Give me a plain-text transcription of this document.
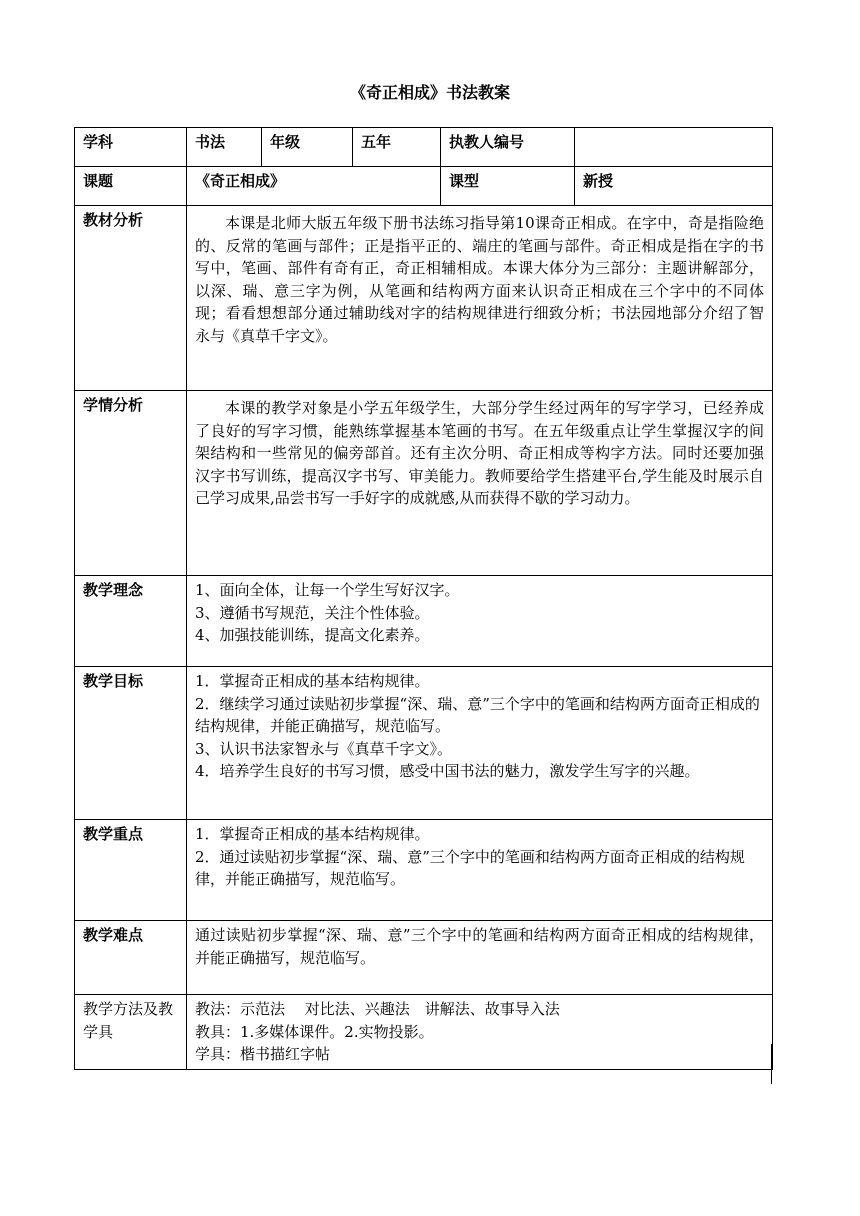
《奇正相成》书法教案
学科	书法	年级	五年	执教人编号	
课题	《奇正相成》			课型	新授
教材分析	本课是北师大版五年级下册书法练习指导第10课奇正相成。在字中，奇是指险绝的、反常的笔画与部件；正是指平正的、端庄的笔画与部件。奇正相成是指在字的书写中，笔画、部件有奇有正，奇正相辅相成。本课大体分为三部分：主题讲解部分，以深、瑞、意三字为例，从笔画和结构两方面来认识奇正相成在三个字中的不同体现；看看想想部分通过辅助线对字的结构规律进行细致分析；书法园地部分介绍了智永与《真草千字文》。				

学情分析	本课的教学对象是小学五年级学生，大部分学生经过两年的写字学习，已经养成了良好的写字习惯，能熟练掌握基本笔画的书写。在五年级重点让学生掌握汉字的间架结构和一些常见的偏旁部首。还有主次分明、奇正相成等构字方法。同时还要加强汉字书写训练，提高汉字书写、审美能力。教师要给学生搭建平台,学生能及时展示自己学习成果,品尝书写一手好字的成就感,从而获得不歇的学习动力。				

教学理念	1、面向全体，让每一个学生写好汉字。

3、遵循书写规范，关注个性体验。

4、加强技能训练，提高文化素养。				

教学目标	1．掌握奇正相成的基本结构规律。

2．继续学习通过读贴初步掌握“深、瑞、意”三个字中的笔画和结构两方面奇正相成的结构规律，并能正确描写，规范临写。

3、认识书法家智永与《真草千字文》。

4．培养学生良好的书写习惯，感受中国书法的魅力，激发学生写字的兴趣。				

教学重点	1．掌握奇正相成的基本结构规律。

2．通过读贴初步掌握“深、瑞、意”三个字中的笔画和结构两方面奇正相成的结构规律，并能正确描写，规范临写。				

教学难点	通过读贴初步掌握“深、瑞、意”三个字中的笔画和结构两方面奇正相成的结构规律，并能正确描写，规范临写。				

教学方法及教学具	教法：示范法　 对比法、兴趣法　讲解法、故事导入法

教具：1.多媒体课件。2.实物投影。

学具：楷书描红字帖				
